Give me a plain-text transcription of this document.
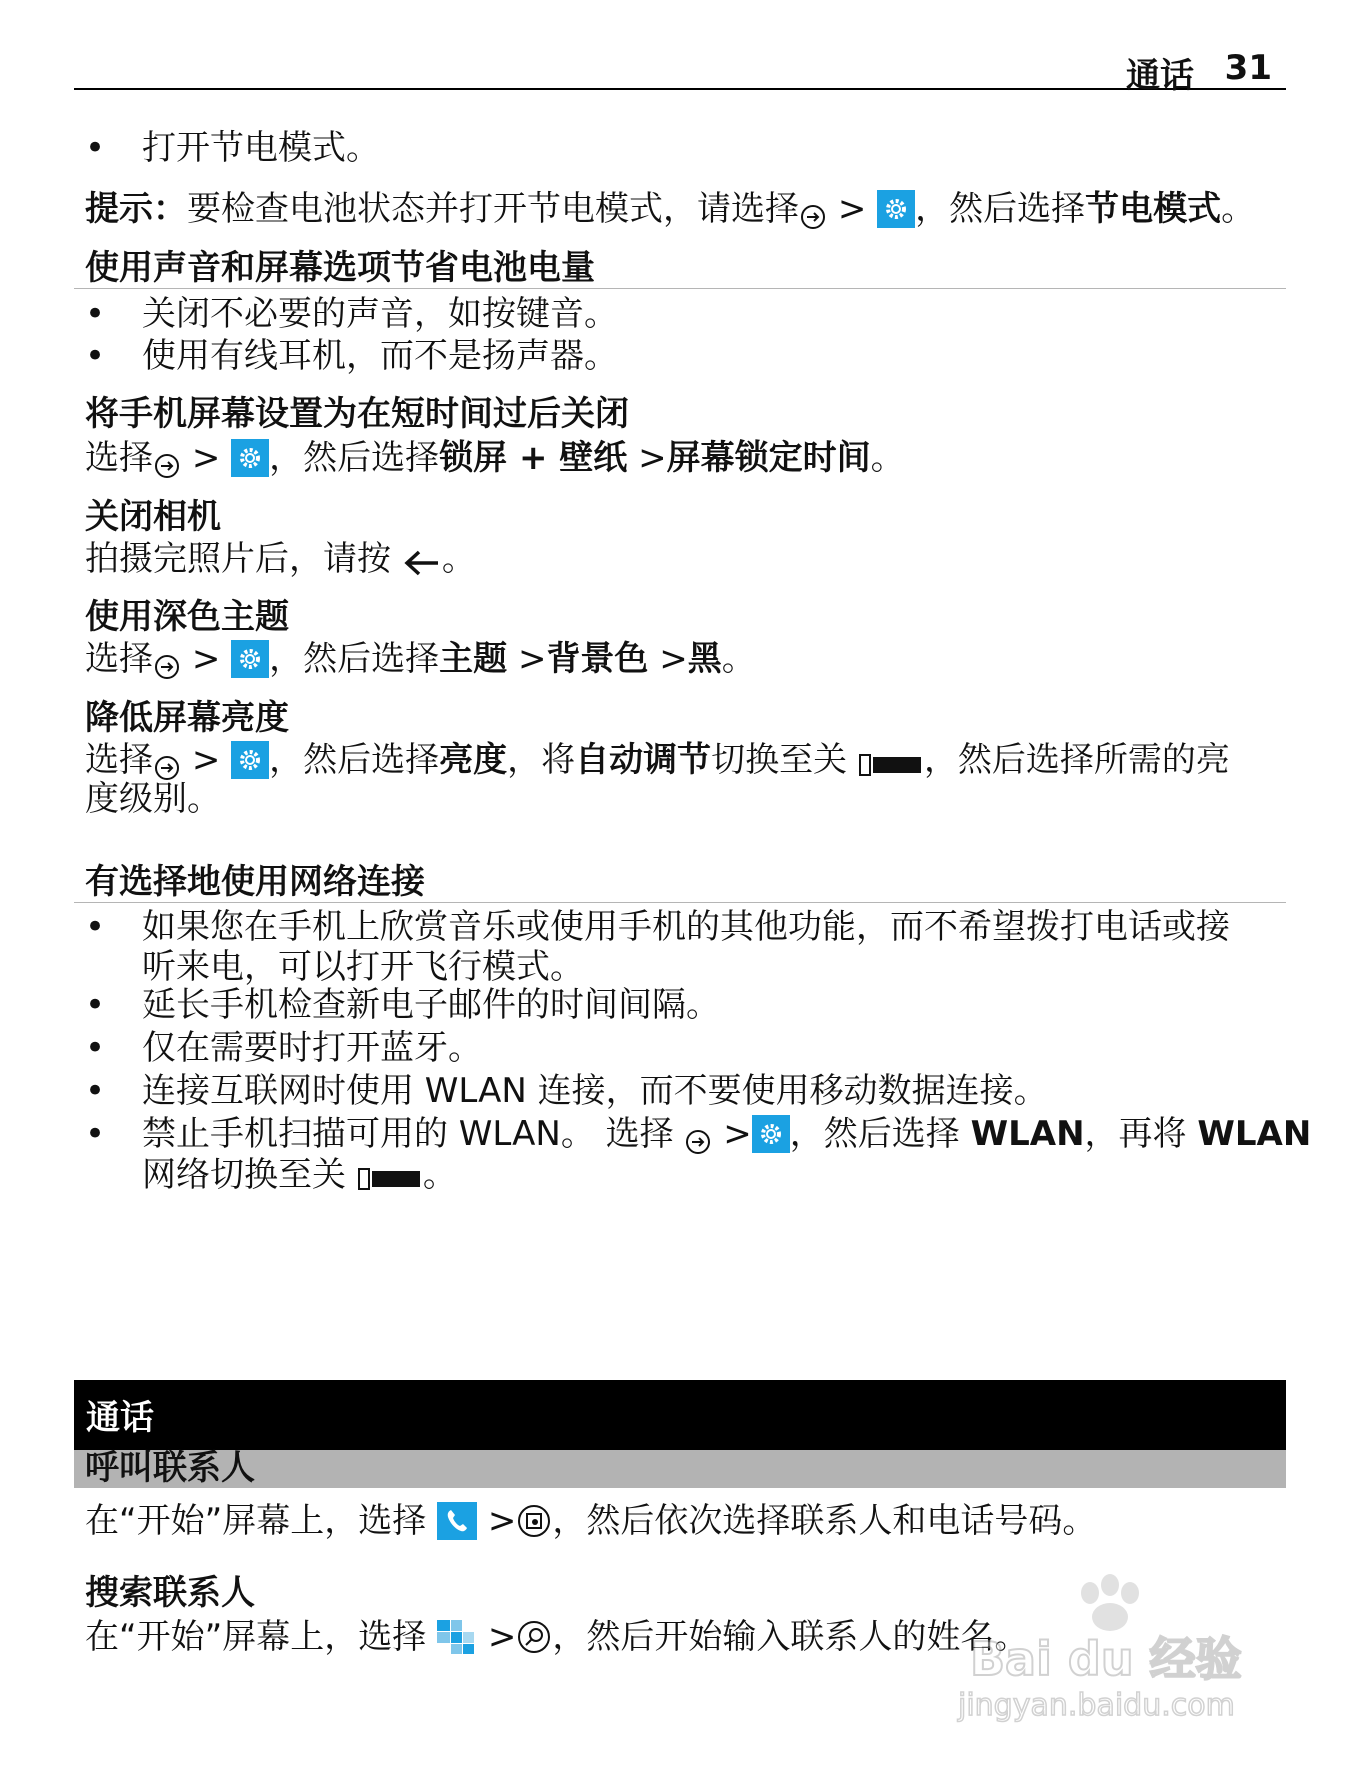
通话 31
• 打开节电模式。
提示：要检查电池状态并打开节电模式，请选择 > ，然后选择节电模式。
使用声音和屏幕选项节省电池电量
• 关闭不必要的声音，如按键音。
• 使用有线耳机，而不是扬声器。
将手机屏幕设置为在短时间过后关闭
选择 > ，然后选择锁屏 + 壁纸 >屏幕锁定时间。
关闭相机
拍摄完照片后，请按 。
使用深色主题
选择 > ，然后选择主题 >背景色 >黑。
降低屏幕亮度
选择 > ，然后选择亮度，将自动调节切换至关 ，然后选择所需的亮
度级别。
有选择地使用网络连接
• 如果您在手机上欣赏音乐或使用手机的其他功能，而不希望拨打电话或接
听来电，可以打开飞行模式。
• 延长手机检查新电子邮件的时间间隔。
• 仅在需要时打开蓝牙。
• 连接互联网时使用 WLAN 连接，而不要使用移动数据连接。
• 禁止手机扫描可用的 WLAN。 选择 > ，然后选择 WLAN，再将 WLAN
网络切换至关 。
通话
呼叫联系人
在“开始”屏幕上，选择 > ，然后依次选择联系人和电话号码。
搜索联系人
在“开始”屏幕上，选择 > ，然后开始输入联系人的姓名。
Bai du 经验
jingyan.baidu.com
